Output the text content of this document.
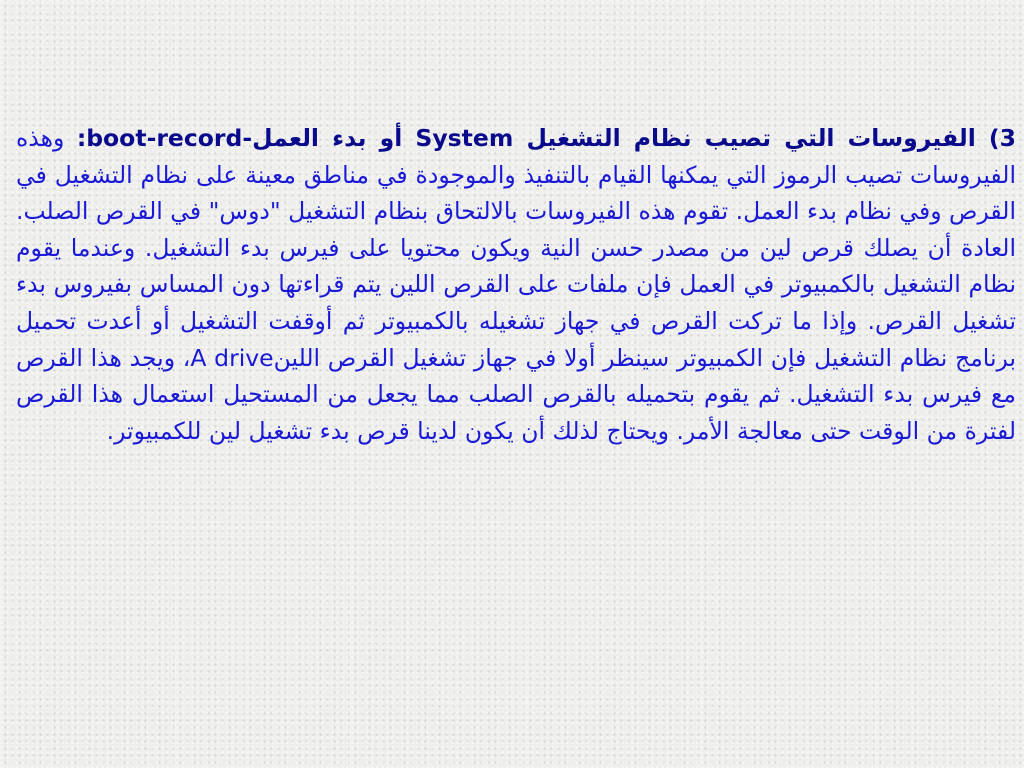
3) الفيروسات التي تصيب نظام التشغيل System أو بدء العمل-boot-record: وهذه الفيروسات تصيب الرموز التي يمكنها القيام بالتنفيذ والموجودة في مناطق معينة على نظام التشغيل في القرص وفي نظام بدء العمل. تقوم هذه الفيروسات بالالتحاق بنظام التشغيل "دوس" في القرص الصلب. العادة أن يصلك قرص لين من مصدر حسن النية ويكون محتويا على فيرس بدء التشغيل. وعندما يقوم نظام التشغيل بالكمبيوتر في العمل فإن ملفات على القرص اللين يتم قراءتها دون المساس بفيروس بدء تشغيل القرص. وإذا ما تركت القرص في جهاز تشغيله بالكمبيوتر ثم أوقفت التشغيل أو أعدت تحميل برنامج نظام التشغيل فإن الكمبيوتر سينظر أولا في جهاز تشغيل القرص اللينA drive، ويجد هذا القرص مع فيرس بدء التشغيل. ثم يقوم بتحميله بالقرص الصلب مما يجعل من المستحيل استعمال هذا القرص لفترة من الوقت حتى معالجة الأمر. ويحتاج لذلك أن يكون لدينا قرص بدء تشغيل لين للكمبيوتر.
